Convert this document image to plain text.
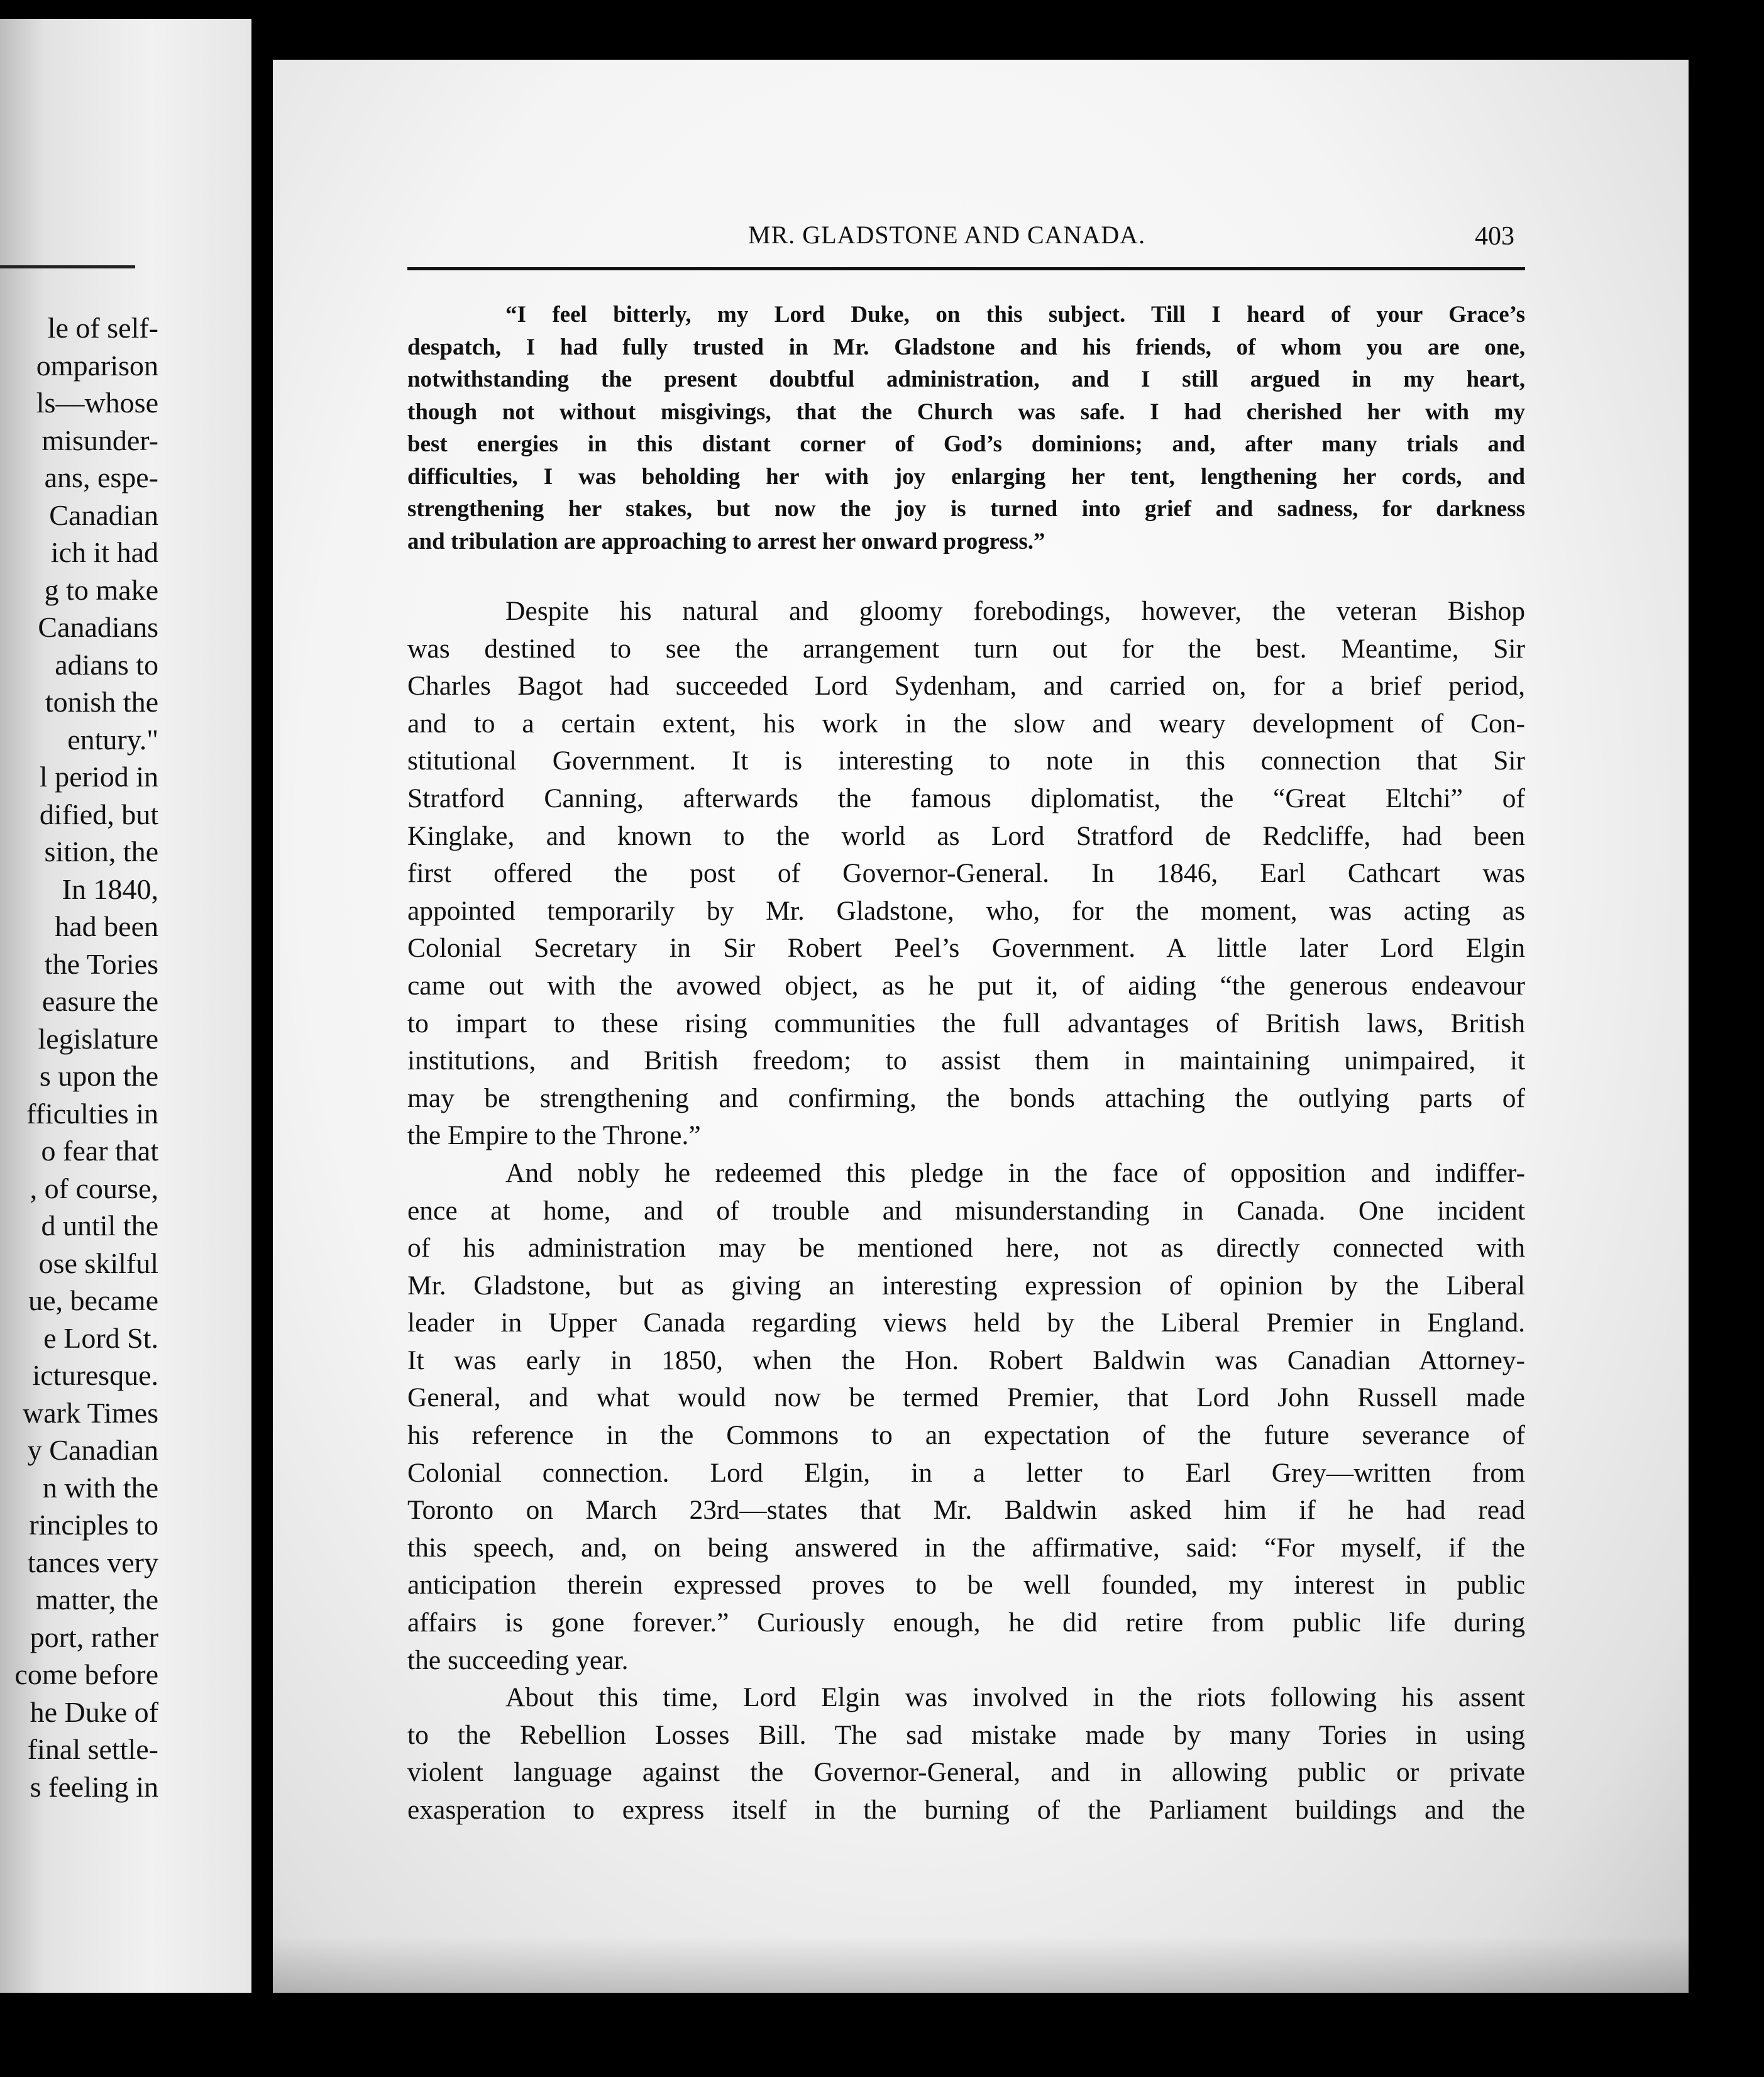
le of self-
omparison
ls—whose
misunder-
ans, espe-
Canadian
ich it had
g to make
Canadians
adians to
tonish the
entury."
l period in
dified, but
sition, the
In 1840,
had been
the Tories
easure the
legislature
s upon the
fficulties in
o fear that
, of course,
d until the
ose skilful
ue, became
e Lord St.
icturesque.
wark Times
y Canadian
n with the
rinciples to
tances very
matter, the
port, rather
come before
he Duke of
final settle-
s feeling in
MR. GLADSTONE AND CANADA.	403
“I feel bitterly, my Lord Duke, on this subject. Till I heard of your Grace’s
despatch, I had fully trusted in Mr. Gladstone and his friends, of whom you are one,
notwithstanding the present doubtful administration, and I still argued in my heart,
though not without misgivings, that the Church was safe. I had cherished her with my
best energies in this distant corner of God’s dominions; and, after many trials and
difficulties, I was beholding her with joy enlarging her tent, lengthening her cords, and
strengthening her stakes, but now the joy is turned into grief and sadness, for darkness
and tribulation are approaching to arrest her onward progress.”
Despite his natural and gloomy forebodings, however, the veteran Bishop
was destined to see the arrangement turn out for the best. Meantime, Sir
Charles Bagot had succeeded Lord Sydenham, and carried on, for a brief period,
and to a certain extent, his work in the slow and weary development of Con-
stitutional Government. It is interesting to note in this connection that Sir
Stratford Canning, afterwards the famous diplomatist, the “Great Eltchi” of
Kinglake, and known to the world as Lord Stratford de Redcliffe, had been
first offered the post of Governor-General. In 1846, Earl Cathcart was
appointed temporarily by Mr. Gladstone, who, for the moment, was acting as
Colonial Secretary in Sir Robert Peel’s Government. A little later Lord Elgin
came out with the avowed object, as he put it, of aiding “the generous endeavour
to impart to these rising communities the full advantages of British laws, British
institutions, and British freedom; to assist them in maintaining unimpaired, it
may be strengthening and confirming, the bonds attaching the outlying parts of
the Empire to the Throne.”
And nobly he redeemed this pledge in the face of opposition and indiffer-
ence at home, and of trouble and misunderstanding in Canada. One incident
of his administration may be mentioned here, not as directly connected with
Mr. Gladstone, but as giving an interesting expression of opinion by the Liberal
leader in Upper Canada regarding views held by the Liberal Premier in England.
It was early in 1850, when the Hon. Robert Baldwin was Canadian Attorney-
General, and what would now be termed Premier, that Lord John Russell made
his reference in the Commons to an expectation of the future severance of
Colonial connection. Lord Elgin, in a letter to Earl Grey—written from
Toronto on March 23rd—states that Mr. Baldwin asked him if he had read
this speech, and, on being answered in the affirmative, said: “For myself, if the
anticipation therein expressed proves to be well founded, my interest in public
affairs is gone forever.” Curiously enough, he did retire from public life during
the succeeding year.
About this time, Lord Elgin was involved in the riots following his assent
to the Rebellion Losses Bill. The sad mistake made by many Tories in using
violent language against the Governor-General, and in allowing public or private
exasperation to express itself in the burning of the Parliament buildings and the
